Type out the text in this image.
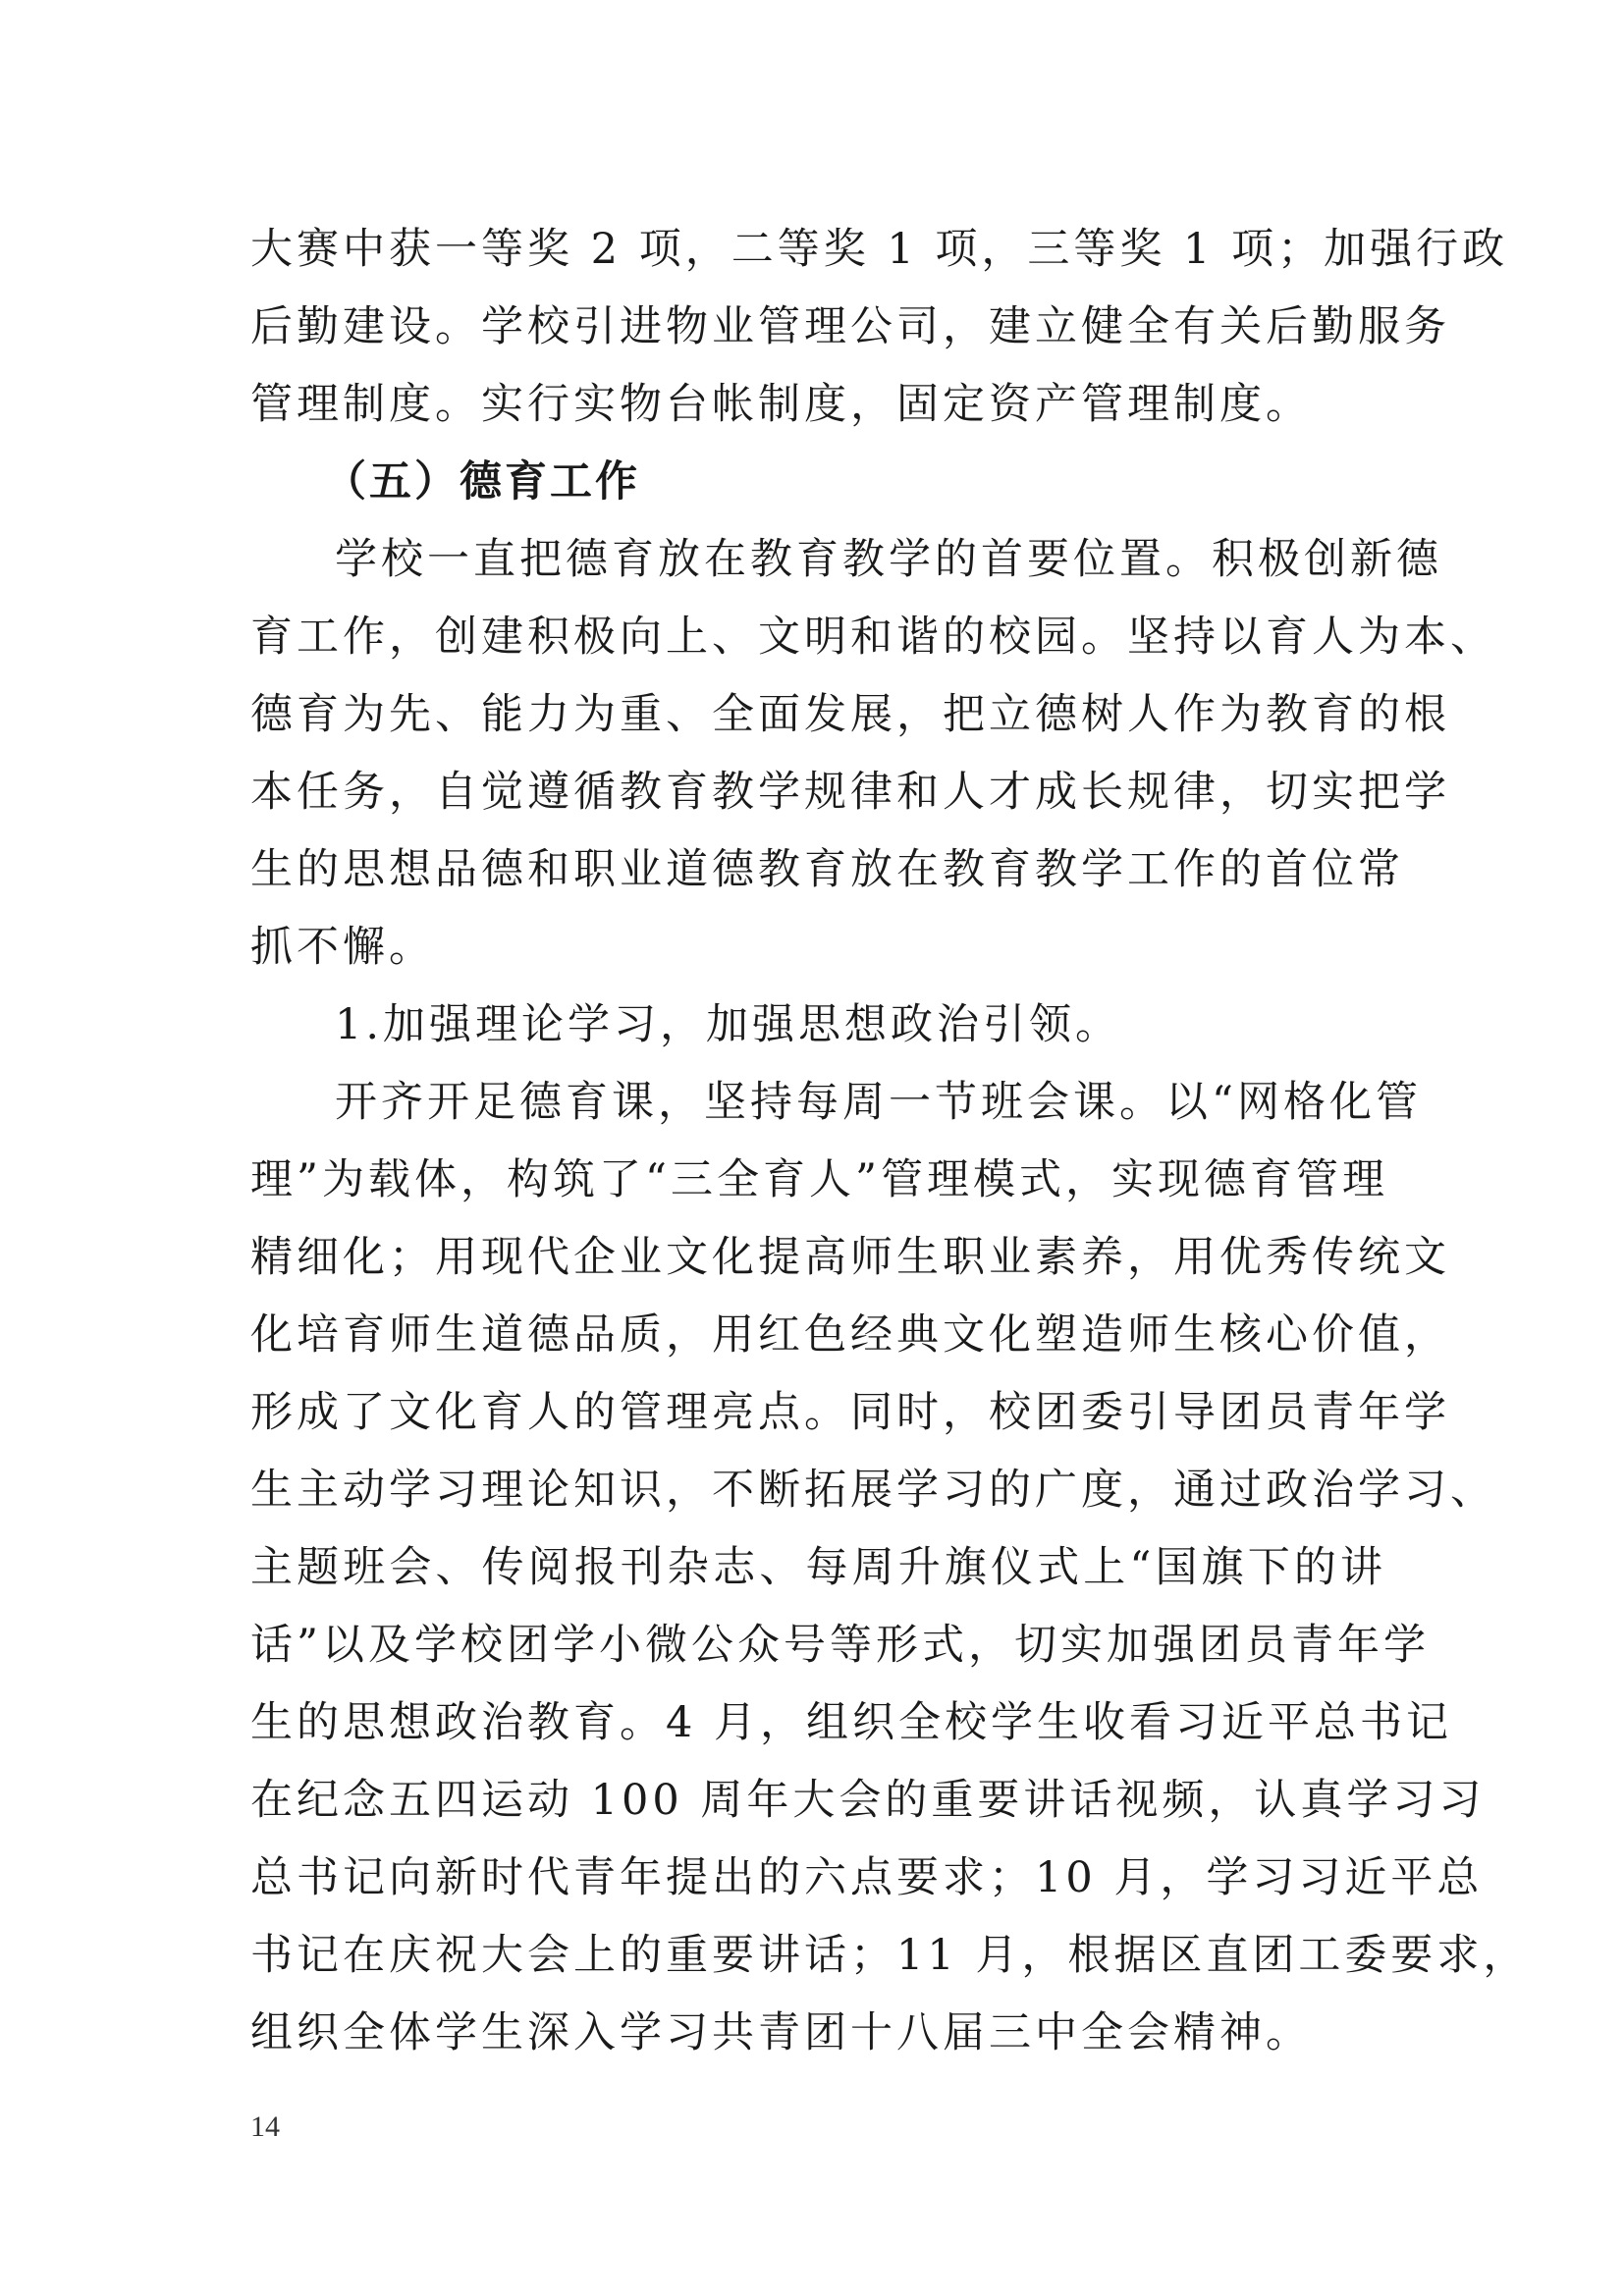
大赛中获一等奖 2 项，二等奖 1 项，三等奖 1 项；加强行政
后勤建设。学校引进物业管理公司，建立健全有关后勤服务
管理制度。实行实物台帐制度，固定资产管理制度。
（五）德育工作
学校一直把德育放在教育教学的首要位置。积极创新德
育工作，创建积极向上、文明和谐的校园。坚持以育人为本、
德育为先、能力为重、全面发展，把立德树人作为教育的根
本任务，自觉遵循教育教学规律和人才成长规律，切实把学
生的思想品德和职业道德教育放在教育教学工作的首位常
抓不懈。
1.加强理论学习，加强思想政治引领。
开齐开足德育课，坚持每周一节班会课。以“网格化管
理”为载体，构筑了“三全育人”管理模式，实现德育管理
精细化；用现代企业文化提高师生职业素养，用优秀传统文
化培育师生道德品质，用红色经典文化塑造师生核心价值，
形成了文化育人的管理亮点。同时，校团委引导团员青年学
生主动学习理论知识，不断拓展学习的广度，通过政治学习、
主题班会、传阅报刊杂志、每周升旗仪式上“国旗下的讲
话”以及学校团学小微公众号等形式，切实加强团员青年学
生的思想政治教育。4 月，组织全校学生收看习近平总书记
在纪念五四运动 100 周年大会的重要讲话视频，认真学习习
总书记向新时代青年提出的六点要求；10 月，学习习近平总
书记在庆祝大会上的重要讲话；11 月，根据区直团工委要求，
组织全体学生深入学习共青团十八届三中全会精神。
14
